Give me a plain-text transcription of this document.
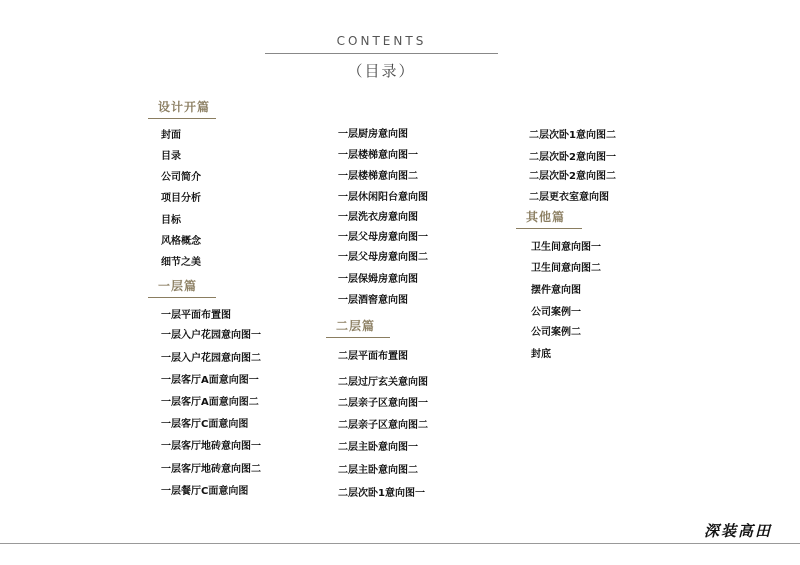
CONTENTS
（目录）
设计开篇
封面
目录
公司简介
项目分析
目标
风格概念
细节之美
一层篇
一层平面布置图
一层入户花园意向图一
一层入户花园意向图二
一层客厅A面意向图一
一层客厅A面意向图二
一层客厅C面意向图
一层客厅地砖意向图一
一层客厅地砖意向图二
一层餐厅C面意向图
一层厨房意向图
一层楼梯意向图一
一层楼梯意向图二
一层休闲阳台意向图
一层洗衣房意向图
一层父母房意向图一
一层父母房意向图二
一层保姆房意向图
一层酒窖意向图
二层篇
二层平面布置图
二层过厅玄关意向图
二层亲子区意向图一
二层亲子区意向图二
二层主卧意向图一
二层主卧意向图二
二层次卧1意向图一
二层次卧1意向图二
二层次卧2意向图一
二层次卧2意向图二
二层更衣室意向图
其他篇
卫生间意向图一
卫生间意向图二
摆件意向图
公司案例一
公司案例二
封底
深装高田
